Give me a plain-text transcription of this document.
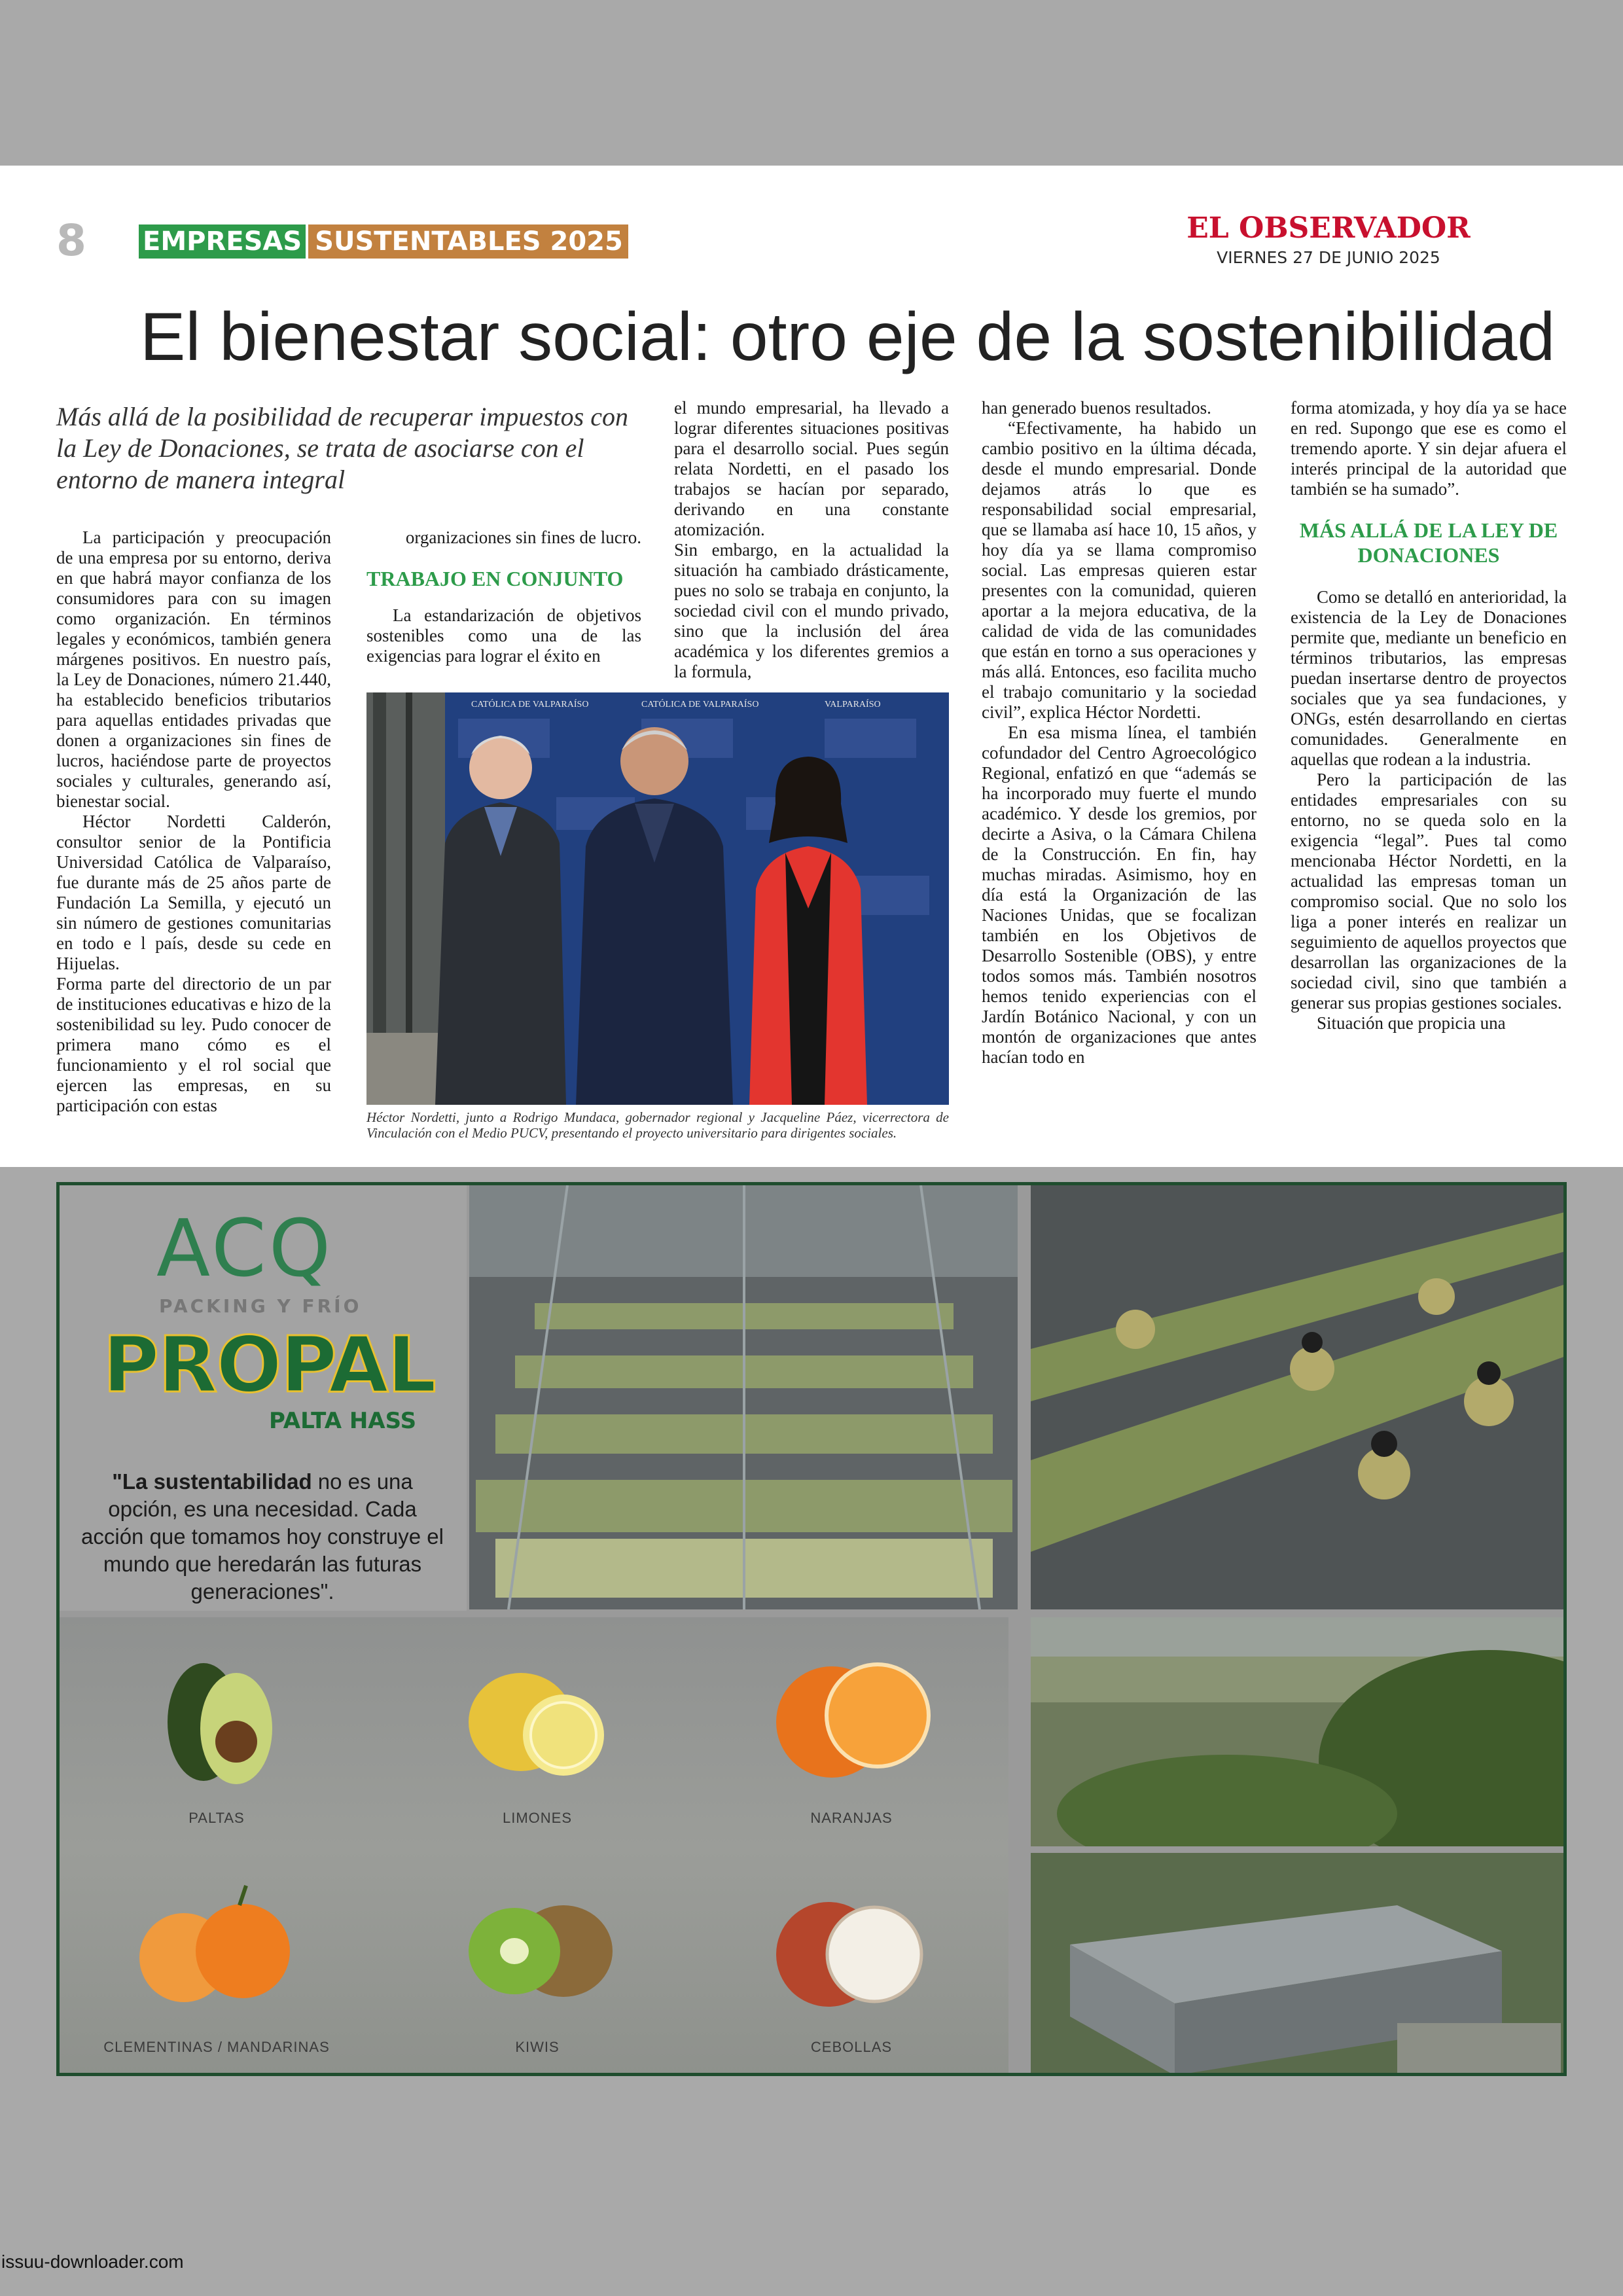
8 EMPRESAS SUSTENTABLES 2025	EL OBSERVADOR
VIERNES 27 DE JUNIO 2025
El bienestar social: otro eje de la sostenibilidad
Más allá de la posibilidad de recuperar impuestos con la Ley de Donaciones, se trata de asociarse con el entorno de manera integral

La participación y preocupación de una empresa por su entorno, deriva en que habrá mayor confianza de los consumidores para con su imagen como organización. En términos legales y económicos, también genera márgenes positivos. En nuestro país, la Ley de Donaciones, número 21.440, ha establecido beneficios tributarios para aquellas entidades privadas que donen a organizaciones sin fines de lucros, haciéndose parte de proyectos sociales y culturales, generando así, bienestar social.

Héctor Nordetti Calderón, consultor senior de la Pontificia Universidad Católica de Valparaíso, fue durante más de 25 años parte de Fundación La Semilla, y ejecutó un sin número de gestiones comunitarias en todo e l país, desde su cede en Hijuelas.

Forma parte del directorio de un par de instituciones educativas e hizo de la sostenibilidad su ley. Pudo conocer de primera mano cómo es el funcionamiento y el rol social que ejercen las empresas, en su participación con estas

organizaciones sin fines de lucro.

TRABAJO EN CONJUNTO

La estandarización de objetivos sostenibles como una de las exigencias para lograr el éxito en

el mundo empresarial, ha llevado a lograr diferentes situaciones positivas para el desarrollo social. Pues según relata Nordetti, en el pasado los trabajos se hacían por separado, derivando en una constante atomización.

Sin embargo, en la actualidad la situación ha cambiado drásticamente, pues no solo se trabaja en conjunto, la sociedad civil con el mundo privado, sino que la inclusión del área académica y los diferentes gremios a la formula,

CATÓLICA DE VALPARAÍSO	CATÓLICA DE VALPARAÍSO	VALPARAÍSO
Héctor Nordetti, junto a Rodrigo Mundaca, gobernador regional y Jacqueline Páez, vicerrectora de Vinculación con el Medio PUCV, presentando el proyecto universitario para dirigentes sociales.

han generado buenos resultados.

“Efectivamente, ha habido un cambio positivo en la última década, desde el mundo empresarial. Donde dejamos atrás lo que es responsabilidad social empresarial, que se llamaba así hace 10, 15 años, y hoy día ya se llama compromiso social. Las empresas quieren estar presentes con la comunidad, quieren aportar a la mejora educativa, de la calidad de vida de las comunidades que están en torno a sus operaciones y más allá. Entonces, eso facilita mucho el trabajo comunitario y la sociedad civil”, explica Héctor Nordetti.

En esa misma línea, el también cofundador del Centro Agroecológico Regional, enfatizó en que “además se ha incorporado muy fuerte el mundo académico. Y desde los gremios, por decirte a Asiva, o la Cámara Chilena de la Construcción. En fin, hay muchas miradas. Asimismo, hoy en día está la Organización de las Naciones Unidas, que se focalizan también en los Objetivos de Desarrollo Sostenible (OBS), y entre todos somos más. También nosotros hemos tenido experiencias con el Jardín Botánico Nacional, y con un montón de organizaciones que antes hacían todo en

forma atomizada, y hoy día ya se hace en red. Supongo que ese es como el tremendo aporte. Y sin dejar afuera el interés principal de la autoridad que también se ha sumado”.

MÁS ALLÁ DE LA LEY DE DONACIONES

Como se detalló en anterioridad, la existencia de la Ley de Donaciones permite que, mediante un beneficio en términos tributarios, las empresas puedan insertarse dentro de proyectos sociales que ya sea fundaciones, y ONGs, estén desarrollando en ciertas comunidades. Generalmente en aquellas que rodean a la industria.

Pero la participación de las entidades empresariales con su entorno, no se queda solo en la exigencia “legal”. Pues tal como mencionaba Héctor Nordetti, en la actualidad las empresas toman un compromiso social. Que no solo los liga a poner interés en realizar un seguimiento de aquellos proyectos que desarrollan las organizaciones de la sociedad civil, sino que también a generar sus propias gestiones sociales.

Situación que propicia una

ACQ
PACKING Y FRÍO
PROPAL
PALTA HASS
"La sustentabilidad no es una opción, es una necesidad. Cada acción que tomamos hoy construye el mundo que heredarán las futuras generaciones".
PALTAS	LIMONES	NARANJAS
CLEMENTINAS / MANDARINAS	KIWIS	CEBOLLAS
issuu-downloader.com
